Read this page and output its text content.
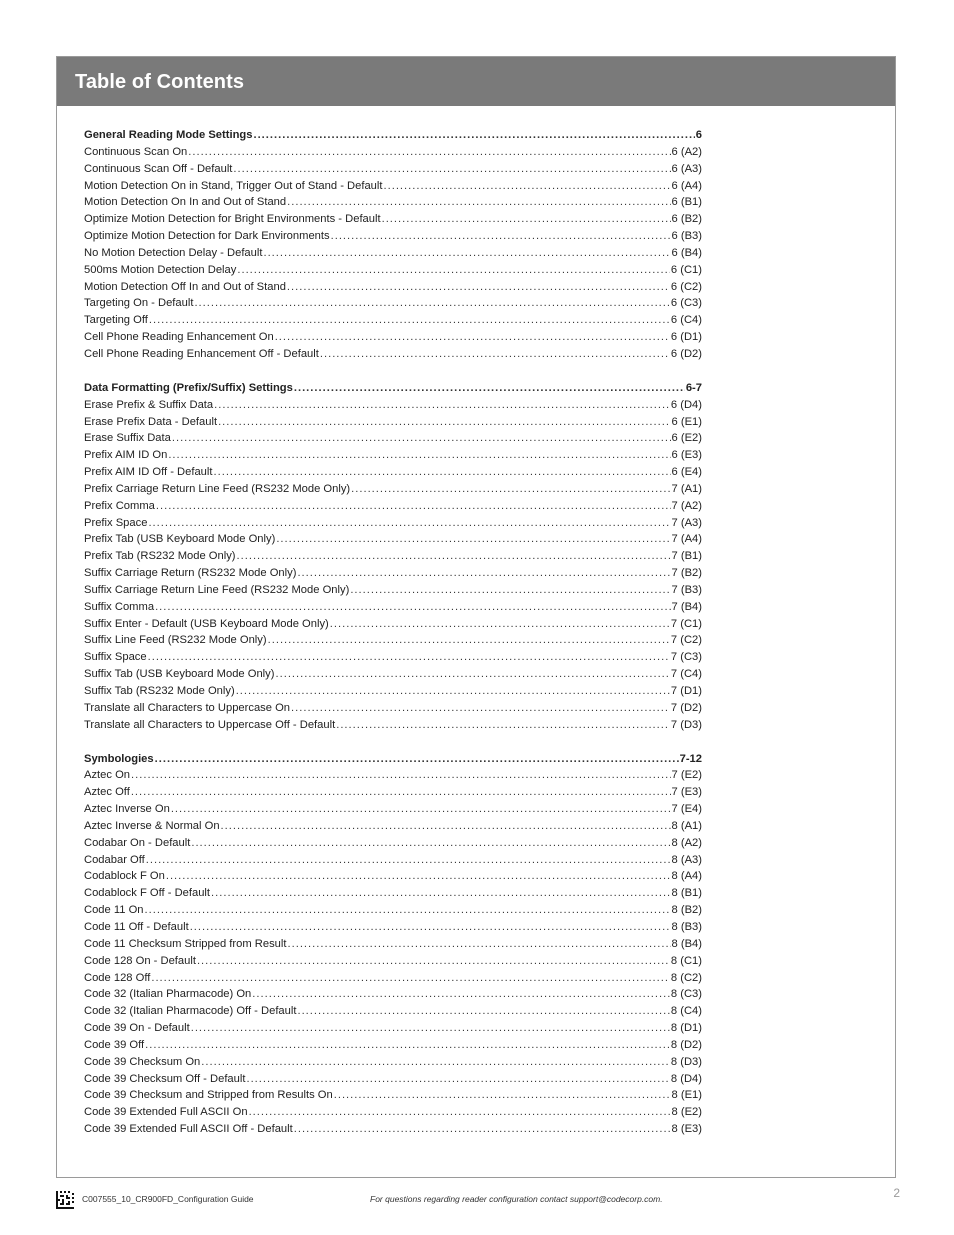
Table of Contents
General Reading Mode Settings .....	6
Continuous Scan On .....	6 (A2)
Continuous Scan Off - Default .....	6 (A3)
Motion Detection On in Stand, Trigger Out of Stand - Default .....	6 (A4)
Motion Detection On In and Out of Stand .....	6 (B1)
Optimize Motion Detection for Bright Environments - Default .....	6 (B2)
Optimize Motion Detection for Dark Environments .....	6 (B3)
No Motion Detection Delay - Default .....	6 (B4)
500ms Motion Detection Delay .....	6 (C1)
Motion Detection Off In and Out of Stand .....	6 (C2)
Targeting On - Default .....	6 (C3)
Targeting Off .....	6 (C4)
Cell Phone Reading Enhancement On .....	6 (D1)
Cell Phone Reading Enhancement Off - Default .....	6 (D2)
Data Formatting (Prefix/Suffix) Settings .....	6-7
Erase Prefix & Suffix Data .....	6 (D4)
Erase Prefix Data - Default .....	6 (E1)
Erase Suffix Data .....	6 (E2)
Prefix AIM ID On .....	6 (E3)
Prefix AIM ID Off - Default .....	6 (E4)
Prefix Carriage Return Line Feed (RS232 Mode Only) .....	7 (A1)
Prefix Comma .....	7 (A2)
Prefix Space .....	7 (A3)
Prefix Tab (USB Keyboard Mode Only) .....	7 (A4)
Prefix Tab (RS232 Mode Only) .....	7 (B1)
Suffix Carriage Return (RS232 Mode Only) .....	7 (B2)
Suffix Carriage Return Line Feed (RS232 Mode Only) .....	7 (B3)
Suffix Comma .....	7 (B4)
Suffix Enter - Default (USB Keyboard Mode Only) .....	7 (C1)
Suffix Line Feed (RS232 Mode Only) .....	7 (C2)
Suffix Space .....	7 (C3)
Suffix Tab (USB Keyboard Mode Only) .....	7 (C4)
Suffix Tab (RS232 Mode Only) .....	7 (D1)
Translate all Characters to Uppercase On .....	7 (D2)
Translate all Characters to Uppercase Off - Default .....	7 (D3)
Symbologies .....	7-12
Aztec On .....	7 (E2)
Aztec Off .....	7 (E3)
Aztec Inverse On .....	7 (E4)
Aztec Inverse & Normal On .....	8 (A1)
Codabar On - Default .....	8 (A2)
Codabar Off .....	8 (A3)
Codablock F On .....	8 (A4)
Codablock F Off - Default .....	8 (B1)
Code 11 On .....	8 (B2)
Code 11 Off - Default .....	8 (B3)
Code 11 Checksum Stripped from Result .....	8 (B4)
Code 128 On - Default .....	8 (C1)
Code 128 Off .....	8 (C2)
Code 32 (Italian Pharmacode) On .....	8 (C3)
Code 32 (Italian Pharmacode) Off - Default .....	8 (C4)
Code 39 On - Default .....	8 (D1)
Code 39 Off .....	8 (D2)
Code 39 Checksum On .....	8 (D3)
Code 39 Checksum Off - Default .....	8 (D4)
Code 39 Checksum and Stripped from Results On .....	8 (E1)
Code 39 Extended Full ASCII On .....	8 (E2)
Code 39 Extended Full ASCII Off - Default .....	8 (E3)
C007555_10_CR900FD_Configuration Guide	For questions regarding reader configuration contact support@codecorp.com.	2
